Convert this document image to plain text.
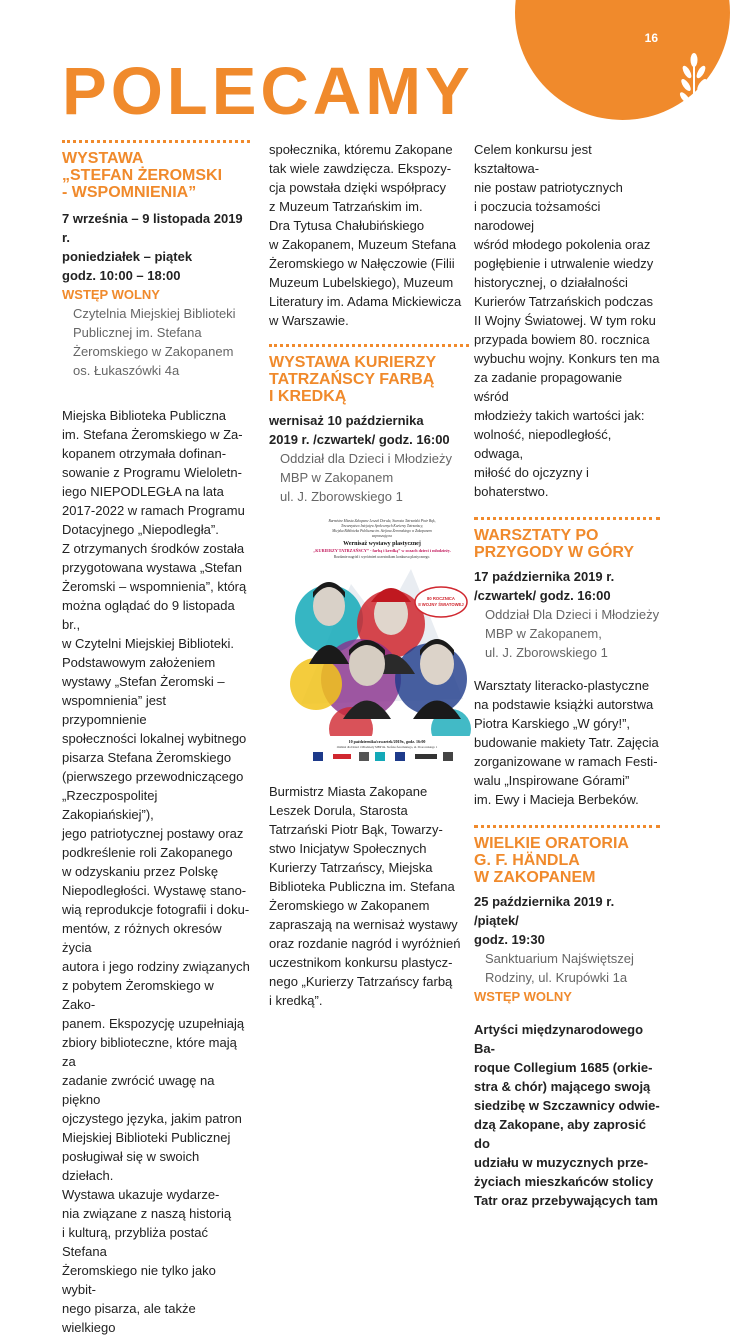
16
POLECAMY
WYSTAWA
„STEFAN ŻEROMSKI
- WSPOMNIENIA”
7 września – 9 listopada 2019 r.
poniedziałek – piątek
godz. 10:00 – 18:00
WSTĘP WOLNY
Czytelnia Miejskiej Biblioteki
Publicznej im. Stefana
Żeromskiego w Zakopanem
os. Łukaszówki 4a
Miejska Biblioteka Publiczna
im. Stefana Żeromskiego w Za-
kopanem otrzymała dofinan-
sowanie z Programu Wieloletn-
iego NIEPODLEGŁA na lata
2017-2022 w ramach Programu
Dotacyjnego „Niepodległa”.
Z otrzymanych środków została
przygotowana wystawa „Stefan
Żeromski – wspomnienia”, którą
można oglądać do 9 listopada br.,
w Czytelni Miejskiej Biblioteki.
Podstawowym założeniem
wystawy „Stefan Żeromski –
wspomnienia” jest przypomnienie
społeczności lokalnej wybitnego
pisarza Stefana Żeromskiego
(pierwszego przewodniczącego
„Rzeczpospolitej Zakopiańskiej”),
jego patriotycznej postawy oraz
podkreślenie roli Zakopanego
w odzyskaniu przez Polskę
Niepodległości. Wystawę stano-
wią reprodukcje fotografii i doku-
mentów, z różnych okresów życia
autora i jego rodziny związanych
z pobytem Żeromskiego w Zako-
panem. Ekspozycję uzupełniają
zbiory biblioteczne, które mają za
zadanie zwrócić uwagę na piękno
ojczystego języka, jakim patron
Miejskiej Biblioteki Publicznej
posługiwał się w swoich dziełach.
Wystawa ukazuje wydarze-
nia związane z naszą historią
i kulturą, przybliża postać Stefana
Żeromskiego nie tylko jako wybit-
nego pisarza, ale także wielkiego
społecznika, któremu Zakopane
tak wiele zawdzięcza. Ekspozy-
cja powstała dzięki współpracy
z Muzeum Tatrzańskim im.
Dra Tytusa Chałubińskiego
w Zakopanem, Muzeum Stefana
Żeromskiego w Nałęczowie (Filii
Muzeum Lubelskiego), Muzeum
Literatury im. Adama Mickiewicza
w Warszawie.
WYSTAWA KURIERZY
TATRZAŃSCY FARBĄ
I KREDKĄ
wernisaż 10 października
2019 r. /czwartek/ godz. 16:00
Oddział dla Dzieci i Młodzieży
MBP w Zakopanem
ul. J. Zborowskiego 1
Burmistrz Miasta Zakopane Leszek Dorula, Starosta Tatrzański Piotr Bąk,
Towarzystwo Inicjatyw Społecznych Kurierzy Tatrzańscy,
Miejska Biblioteka Publiczna im. Stefana Żeromskiego w Zakopanem
zapraszają na
Wernisaż wystawy plastycznej
„KURIERZY TATRZAŃSCY” - farbą i kredką” w oczach dzieci i młodzieży.
Rozdanie nagród i wyróżnień uczestnikom konkursu plastycznego.
80 ROCZNICA
II WOJNY ŚWIATOWEJ
10 października/czwartek/2019r., godz. 16:00
Oddział dla Dzieci i Młodzieży MBP im. Stefana Żeromskiego, ul. Zborowskiego 1
Burmistrz Miasta Zakopane
Leszek Dorula, Starosta
Tatrzański Piotr Bąk, Towarzy-
stwo Inicjatyw Społecznych
Kurierzy Tatrzańscy, Miejska
Biblioteka Publiczna im. Stefana
Żeromskiego w Zakopanem
zapraszają na wernisaż wystawy
oraz rozdanie nagród i wyróżnień
uczestnikom konkursu plastycz-
nego „Kurierzy Tatrzańscy farbą
i kredką”.
Celem konkursu jest kształtowa-
nie postaw patriotycznych
i poczucia tożsamości narodowej
wśród młodego pokolenia oraz
pogłębienie i utrwalenie wiedzy
historycznej, o działalności
Kurierów Tatrzańskich podczas
II Wojny Światowej. W tym roku
przypada bowiem 80. rocznica
wybuchu wojny. Konkurs ten ma
za zadanie propagowanie wśród
młodzieży takich wartości jak:
wolność, niepodległość, odwaga,
miłość do ojczyzny i bohaterstwo.
WARSZTATY PO
PRZYGODY W GÓRY
17 października 2019 r.
/czwartek/ godz. 16:00
Oddział Dla Dzieci i Młodzieży
MBP w Zakopanem,
ul. J. Zborowskiego 1
Warsztaty literacko-plastyczne
na podstawie książki autorstwa
Piotra Karskiego „W góry!”,
budowanie makiety Tatr. Zajęcia
zorganizowane w ramach Festi-
walu „Inspirowane Górami”
im. Ewy i Macieja Berbeków.
WIELKIE ORATORIA
G. F. HÄNDLA
W ZAKOPANEM
25 października 2019 r. /piątek/
godz. 19:30
Sanktuarium Najświętszej
Rodziny, ul. Krupówki 1a
WSTĘP WOLNY
Artyści międzynarodowego Ba-
roque Collegium 1685 (orkie-
stra & chór) mającego swoją
siedzibę w Szczawnicy odwie-
dzą Zakopane, aby zaprosić do
udziału w muzycznych prze-
życiach mieszkańców stolicy
Tatr oraz przebywających tam
